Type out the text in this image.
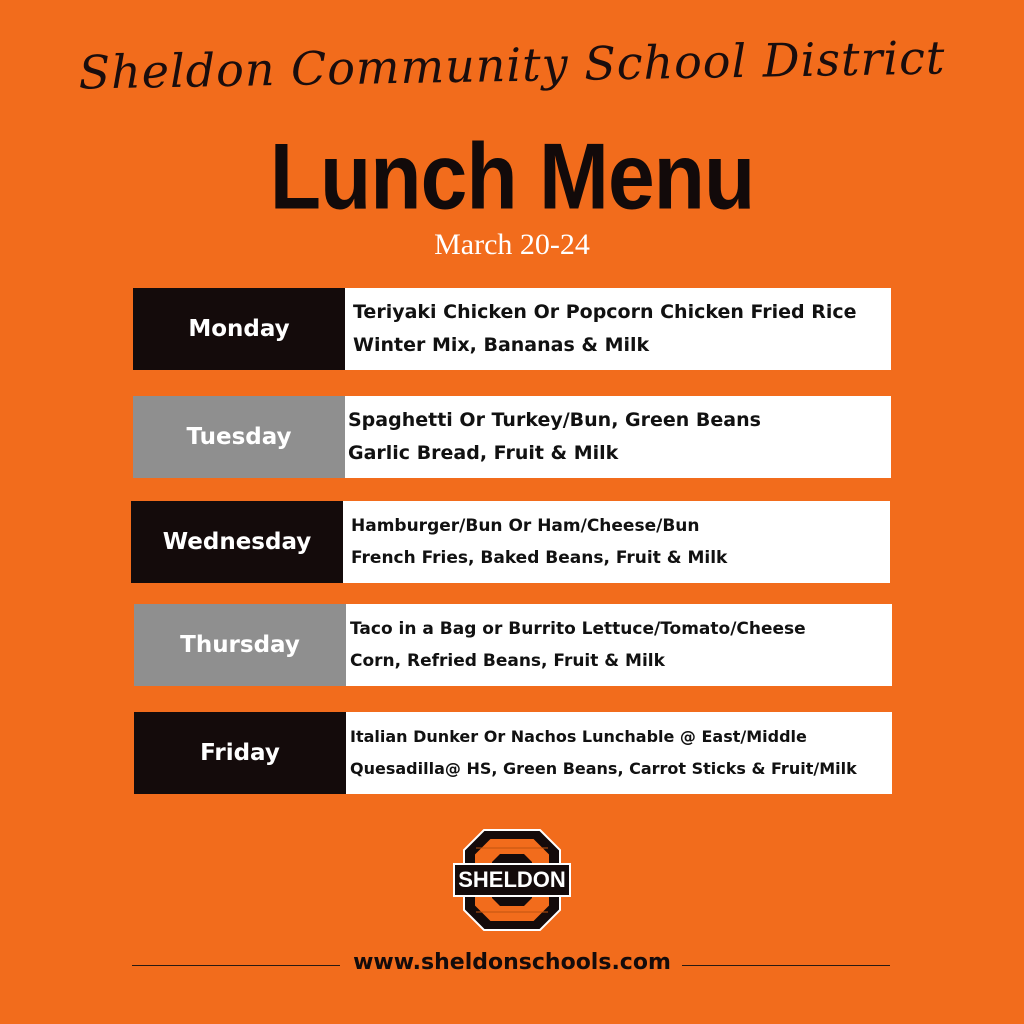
Sheldon Community School District
Lunch Menu
March 20-24
Monday
Teriyaki Chicken Or Popcorn Chicken Fried Rice
Winter Mix, Bananas & Milk
Tuesday
Spaghetti Or Turkey/Bun, Green Beans
Garlic Bread, Fruit & Milk
Wednesday
Hamburger/Bun Or Ham/Cheese/Bun
French Fries, Baked Beans, Fruit & Milk
Thursday
Taco in a Bag or Burrito Lettuce/Tomato/Cheese
Corn, Refried Beans, Fruit & Milk
Friday
Italian Dunker Or Nachos Lunchable @ East/Middle
Quesadilla@ HS, Green Beans, Carrot Sticks & Fruit/Milk
SHELDON
www.sheldonschools.com
